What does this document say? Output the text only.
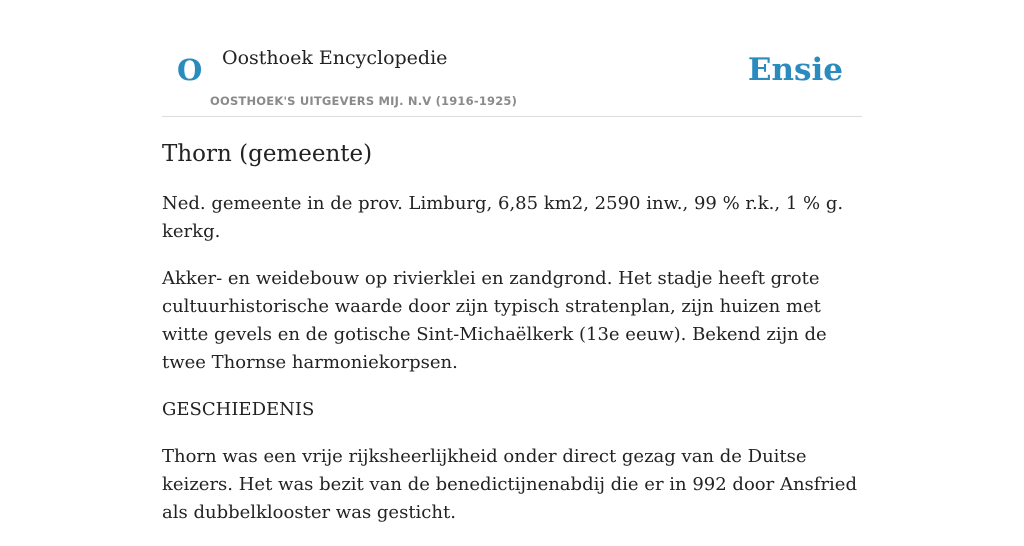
O Oosthoek Encyclopedie
OOSTHOEK'S UITGEVERS MIJ. N.V (1916-1925)
Ensie
Thorn (gemeente)

Ned. gemeente in de prov. Limburg, 6,85 km2, 2590 inw., 99 % r.k., 1 % g. kerkg.

Akker- en weidebouw op rivierklei en zandgrond. Het stadje heeft grote cultuurhistorische waarde door zijn typisch stratenplan, zijn huizen met witte gevels en de gotische Sint-Michaëlkerk (13e eeuw). Bekend zijn de twee Thornse harmoniekorpsen.

GESCHIEDENIS

Thorn was een vrije rijksheerlijkheid onder direct gezag van de Duitse keizers. Het was bezit van de benedictijnenabdij die er in 992 door Ansfried als dubbelklooster was gesticht.
